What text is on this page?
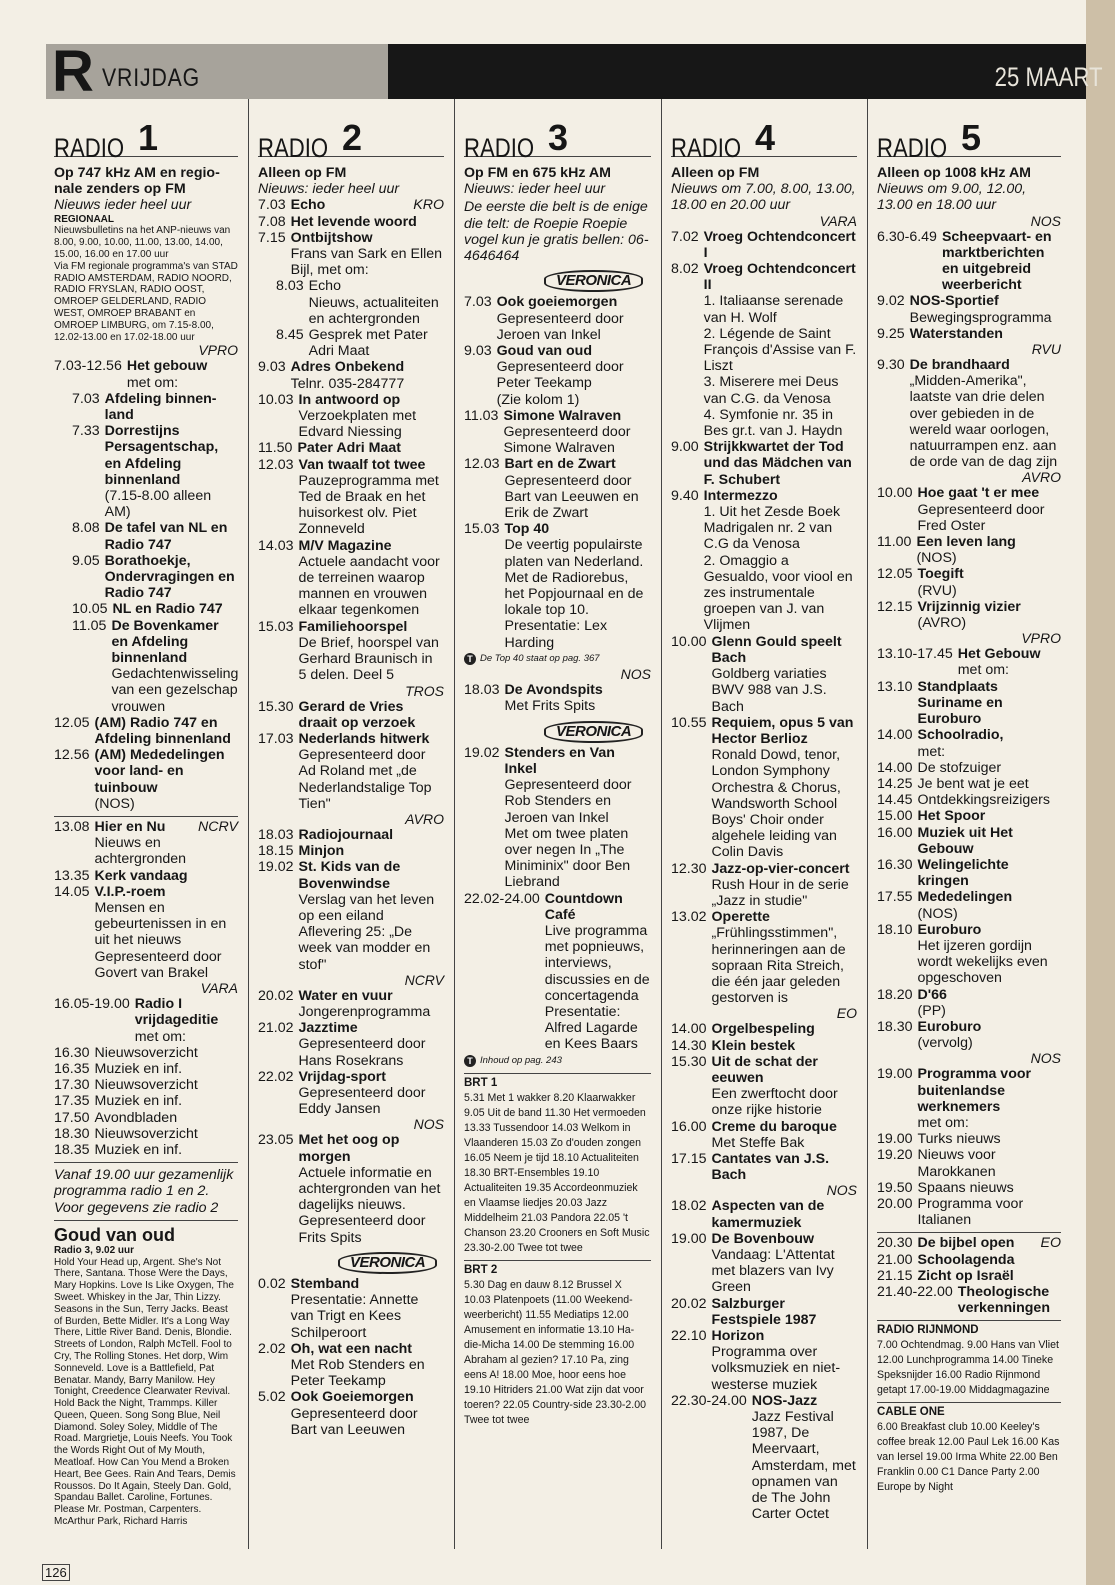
R VRIJDAG	25 MAART
RADIO 1
Op 747 kHz AM en regio-
nale zenders op FM
Nieuws ieder heel uur
REGIONAAL
Nieuwsbulletins na het ANP-nieuws van 8.00, 9.00, 10.00, 11.00, 13.00, 14.00, 15.00, 16.00 en 17.00 uur
Via FM regionale programma's van STAD RADIO AMSTERDAM, RADIO NOORD, RADIO FRYSLAN, RADIO OOST, OMROEP GELDERLAND, RADIO WEST, OMROEP BRABANT en OMROEP LIMBURG, om 7.15-8.00, 12.02-13.00 en 17.02-18.00 uur
VPRO
7.03-12.56 Het gebouw
met om:
7.03 Afdeling binnen-land
7.33 Dorrestijns Persagentschap, en Afdeling binnenland
(7.15-8.00 alleen AM)
8.08 De tafel van NL en Radio 747
9.05 Borathoekje, Ondervragingen en Radio 747
10.05 NL en Radio 747
11.05 De Bovenkamer en Afdeling binnenland
Gedachtenwisseling van een gezelschap vrouwen
12.05 (AM) Radio 747 en Afdeling binnenland
12.56 (AM) Mededelingen voor land- en tuinbouw
(NOS)
13.08 Hier en Nu NCRV
Nieuws en achtergronden
13.35 Kerk vandaag
14.05 V.I.P.-roem
Mensen en gebeurtenissen in en uit het nieuws
Gepresenteerd door Govert van Brakel
VARA
16.05-19.00 Radio I vrijdageditie
met om:
16.30 Nieuwsoverzicht
16.35 Muziek en inf.
17.30 Nieuwsoverzicht
17.35 Muziek en inf.
17.50 Avondbladen
18.30 Nieuwsoverzicht
18.35 Muziek en inf.
Vanaf 19.00 uur gezamenlijk programma radio 1 en 2. Voor gegevens zie radio 2
Goud van oud
Radio 3, 9.02 uur
Hold Your Head up, Argent. She's Not There, Santana. Those Were the Days, Mary Hopkins. Love Is Like Oxygen, The Sweet. Whiskey in the Jar, Thin Lizzy. Seasons in the Sun, Terry Jacks. Beast of Burden, Bette Midler. It's a Long Way There, Little River Band. Denis, Blondie. Streets of London, Ralph McTell. Fool to Cry, The Rolling Stones. Het dorp, Wim Sonneveld. Love is a Battlefield, Pat Benatar. Mandy, Barry Manilow. Hey Tonight, Creedence Clearwater Revival. Hold Back the Night, Trammps. Killer Queen, Queen. Song Song Blue, Neil Diamond. Soley Soley, Middle of The Road. Margrietje, Louis Neefs. You Took the Words Right Out of My Mouth, Meatloaf. How Can You Mend a Broken Heart, Bee Gees. Rain And Tears, Demis Roussos. Do It Again, Steely Dan. Gold, Spandau Ballet. Caroline, Fortunes. Please Mr. Postman, Carpenters. McArthur Park, Richard Harris
RADIO 2
Alleen op FM
Nieuws: ieder heel uur
7.03 Echo	KRO
7.08 Het levende woord
7.15 Ontbijtshow
Frans van Sark en Ellen Bijl, met om:
8.03 Echo
Nieuws, actualiteiten en achtergronden
8.45 Gesprek met Pater Adri Maat
9.03 Adres Onbekend
Telnr. 035-284777
10.03 In antwoord op
Verzoekplaten met Edvard Niessing
11.50 Pater Adri Maat
12.03 Van twaalf tot twee
Pauzeprogramma met Ted de Braak en het huisorkest olv. Piet Zonneveld
14.03 M/V Magazine
Actuele aandacht voor de terreinen waarop mannen en vrouwen elkaar tegenkomen
15.03 Familiehoorspel
De Brief, hoorspel van Gerhard Braunisch in 5 delen. Deel 5
TROS
15.30 Gerard de Vries draait op verzoek
17.03 Nederlands hitwerk
Gepresenteerd door Ad Roland met „de Nederlandstalige Top Tien"
AVRO
18.03 Radiojournaal
18.15 Minjon
19.02 St. Kids van de Bovenwindse
Verslag van het leven op een eiland
Aflevering 25: „De week van modder en stof"
NCRV
20.02 Water en vuur
Jongerenprogramma
21.02 Jazztime
Gepresenteerd door Hans Rosekrans
22.02 Vrijdag-sport
Gepresenteerd door Eddy Jansen
NOS
23.05 Met het oog op morgen
Actuele informatie en achtergronden van het dagelijks nieuws. Gepresenteerd door Frits Spits
VERONICA
0.02 Stemband
Presentatie: Annette van Trigt en Kees Schilperoort
2.02 Oh, wat een nacht
Met Rob Stenders en Peter Teekamp
5.02 Ook Goeiemorgen
Gepresenteerd door Bart van Leeuwen
RADIO 3
Op FM en 675 kHz AM
Nieuws: ieder heel uur
De eerste die belt is de enige die telt: de Roepie Roepie vogel kun je gratis bellen: 06-4646464
VERONICA
7.03 Ook goeiemorgen
Gepresenteerd door Jeroen van Inkel
9.03 Goud van oud
Gepresenteerd door Peter Teekamp
(Zie kolom 1)
11.03 Simone Walraven
Gepresenteerd door Simone Walraven
12.03 Bart en de Zwart
Gepresenteerd door Bart van Leeuwen en Erik de Zwart
15.03 Top 40
De veertig populairste platen van Nederland. Met de Radiorebus, het Popjournaal en de lokale top 10. Presentatie: Lex Harding
T De Top 40 staat op pag. 367
NOS
18.03 De Avondspits
Met Frits Spits
VERONICA
19.02 Stenders en Van Inkel
Gepresenteerd door Rob Stenders en Jeroen van Inkel
Met om twee platen over negen In „The Miniminix" door Ben Liebrand
22.02-24.00 Countdown Café
Live programma met popnieuws, interviews, discussies en de concertagenda
Presentatie: Alfred Lagarde en Kees Baars
T Inhoud op pag. 243
BRT 1
5.31 Met 1 wakker 8.20 Klaarwakker 9.05 Uit de band 11.30 Het vermoeden 13.33 Tussendoor 14.03 Welkom in Vlaanderen 15.03 Zo d'ouden zongen 16.05 Neem je tijd 18.10 Actualiteiten 18.30 BRT-Ensembles 19.10 Actualiteiten 19.35 Accordeonmuziek en Vlaamse liedjes 20.03 Jazz Middelheim 21.03 Pandora 22.05 't Chanson 23.20 Crooners en Soft Music 23.30-2.00 Twee tot twee
BRT 2
5.30 Dag en dauw 8.12 Brussel X 10.03 Platenpoets (11.00 Weekend-weerbericht) 11.55 Mediatips 12.00 Amusement en informatie 13.10 Ha-die-Micha 14.00 De stemming 16.00 Abraham al gezien? 17.10 Pa, zing eens A! 18.00 Moe, hoor eens hoe 19.10 Hitriders 21.00 Wat zijn dat voor toeren? 22.05 Country-side 23.30-2.00 Twee tot twee
RADIO 4
Alleen op FM
Nieuws om 7.00, 8.00, 13.00, 18.00 en 20.00 uur
VARA
7.02 Vroeg Ochtendconcert I
8.02 Vroeg Ochtendconcert II
1. Italiaanse serenade van H. Wolf
2. Légende de Saint François d'Assise van F. Liszt
3. Miserere mei Deus van C.G. da Venosa
4. Symfonie nr. 35 in Bes gr.t. van J. Haydn
9.00 Strijkkwartet der Tod und das Mädchen van F. Schubert
9.40 Intermezzo
1. Uit het Zesde Boek Madrigalen nr. 2 van C.G da Venosa
2. Omaggio a Gesualdo, voor viool en zes instrumentale groepen van J. van Vlijmen
10.00 Glenn Gould speelt Bach
Goldberg variaties BWV 988 van J.S. Bach
10.55 Requiem, opus 5 van Hector Berlioz
Ronald Dowd, tenor, London Symphony Orchestra & Chorus, Wandsworth School Boys' Choir onder algehele leiding van Colin Davis
12.30 Jazz-op-vier-concert
Rush Hour in de serie „Jazz in studie"
13.02 Operette
„Frühlingsstimmen", herinneringen aan de sopraan Rita Streich, die één jaar geleden gestorven is
EO
14.00 Orgelbespeling
14.30 Klein bestek
15.30 Uit de schat der eeuwen
Een zwerftocht door onze rijke historie
16.00 Creme du baroque
Met Steffe Bak
17.15 Cantates van J.S. Bach
NOS
18.02 Aspecten van de kamermuziek
19.00 De Bovenbouw
Vandaag: L'Attentat met blazers van Ivy Green
20.02 Salzburger Festspiele 1987
22.10 Horizon
Programma over volksmuziek en niet-westerse muziek
22.30-24.00 NOS-Jazz
Jazz Festival 1987, De Meervaart, Amsterdam, met opnamen van de The John Carter Octet
RADIO 5
Alleen op 1008 kHz AM
Nieuws om 9.00, 12.00, 13.00 en 18.00 uur
NOS
6.30-6.49 Scheepvaart- en marktberichten en uitgebreid weerbericht
9.02 NOS-Sportief
Bewegingsprogramma
9.25 Waterstanden
RVU
9.30 De brandhaard
„Midden-Amerika", laatste van drie delen over gebieden in de wereld waar oorlogen, natuurrampen enz. aan de orde van de dag zijn
AVRO
10.00 Hoe gaat 't er mee
Gepresenteerd door Fred Oster
11.00 Een leven lang
(NOS)
12.05 Toegift
(RVU)
12.15 Vrijzinnig vizier
(AVRO)
VPRO
13.10-17.45 Het Gebouw
met om:
13.10 Standplaats Suriname en Euroburo
14.00 Schoolradio,
met:
14.00 De stofzuiger
14.25 Je bent wat je eet
14.45 Ontdekkingsreizigers
15.00 Het Spoor
16.00 Muziek uit Het Gebouw
16.30 Welingelichte kringen
17.55 Mededelingen
(NOS)
18.10 Euroburo
Het ijzeren gordijn wordt wekelijks even opgeschoven
18.20 D'66
(PP)
18.30 Euroburo
(vervolg)
NOS
19.00 Programma voor buitenlandse werknemers
met om:
19.00 Turks nieuws
19.20 Nieuws voor Marokkanen
19.50 Spaans nieuws
20.00 Programma voor Italianen
20.30 De bijbel open EO
21.00 Schoolagenda
21.15 Zicht op Israël
21.40-22.00 Theologische verkenningen
RADIO RIJNMOND
7.00 Ochtendmag. 9.00 Hans van Vliet 12.00 Lunchprogramma 14.00 Tineke Speksnijder 16.00 Radio Rijnmond getapt 17.00-19.00 Middagmagazine
CABLE ONE
6.00 Breakfast club 10.00 Keeley's coffee break 12.00 Paul Lek 16.00 Kas van Iersel 19.00 Irma White 22.00 Ben Franklin 0.00 C1 Dance Party 2.00 Europe by Night
126
